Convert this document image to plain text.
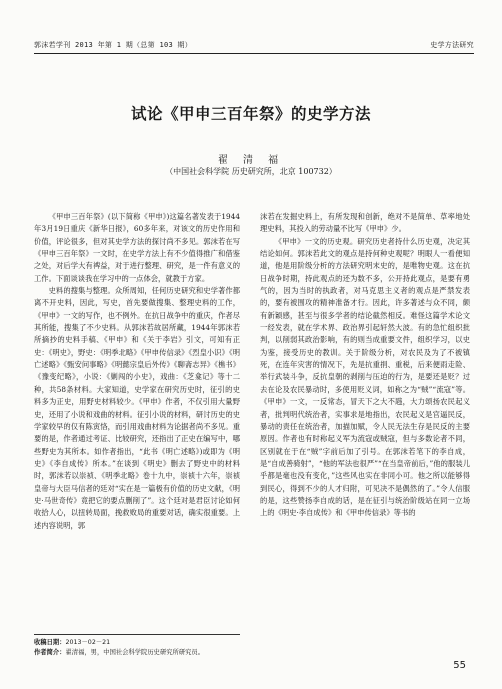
郭沫若学刊 2013 年第 1 期（总第 103 期）	史学方法研究
试论《甲申三百年祭》的史学方法
翟 清 福
（中国社会科学院 历史研究所，北京 100732）

《甲申三百年祭》(以下简称《甲申》)这篇名著发表于1944年3月19日重庆《新华日报》，60多年来，对该文的历史作用和价值，评论很多，但对其史学方法的探讨尚不多见。郭沫若在写《甲申三百年祭》一文时，在史学方法上有不少值得推广和借鉴之处，对后学大有裨益，对于进行整理、研究，是一件有意义的工作。下面谈谈我在学习中的一点体会，就教于方家。

史料的搜集与整理。众所周知，任何历史研究和史学著作都离不开史料，因此，写史，首先要做搜集、整理史料的工作，《甲申》一文的写作，也不例外。在抗日战争中的重庆，作者尽其所能，搜集了不少史料。从郭沫若故居所藏，1944年郭沫若所摘抄的史料手稿、《甲申》和《关于李岩》引文，可知有正史：《明史》，野史：《明季北略》《甲申传信录》《烈皇小识》《明亡述略》《甄安问事略》《明懿宗皇后外传》《聊斋志异》《樵书》《豫变纪略》，小说：《剿闯的小史》，戏曲：《芝龛记》等十二种，共58条材料。大家知道，史学家在研究历史时，征引的史料多为正史，用野史材料较少。《甲申》作者，不仅引用大量野史，还用了小说和戏曲的材料。征引小说的材料，研讨历史的史学家较早的仅有陈寅恪，而引用戏曲材料为论据者尚不多见。重要的是，作者通过考证、比较研究，还指出了正史在编写中，哪些野史为其所本。如作者指出，“此书《明亡述略》)或即为《明史》《李自成传》所本。”在谈到《明史》删去了野史中的材料时，郭沫若以崇祯、《明季北略》卷十九中，崇祯十六年，崇祯皇帝与大臣马信者的廷对“实在是一篇极有价值的历史文献，《明史·马世奇传》竟把它的要点删削了”。这个廷对是君臣讨论如何收拾人心，以扭转局面，挽救败局的重要对话，确实很重要。上述内容说明，郭

沫若在发掘史料上，有所发现和创新，绝对不是简单、草率地处理史料，其投入的劳动量不比写《甲申》少。

《甲申》一文的历史观。研究历史者持什么历史观，决定其结论如何。郭沫若此文的观点是持何种史观呢？明眼人一看便知道，他是用阶级分析的方法研究明末史的，是唯物史观。这在抗日战争时期，持此观点的还为数不多，公开持此观点，是要有勇气的，因为当时的执政者，对马克思主义者的观点是严禁发表的，要有被围攻的精神准备才行。因此，许多著述与众不同，颇有新颖感，甚至与很多学者的结论截然相反。难怪这篇学术论文一经发表，就在学术界、政治界引起轩然大波。有的急忙组织批判，以削弱其政治影响，有的则当成重要文件，组织学习，以史为鉴，接受历史的教训。关于阶级分析，对农民及为了不被镇死，在连年灾害的情况下，先是抗重捐、重税，后来便雨走险、举行武装斗争，反抗皇朝的剥削与压迫的行为，是要还是贬？过去在论及农民暴动时，多使用贬义词，如称之为“贼”“流寇”等。《甲申》一文，一反常态，冒天下之大不韪，大力颂扬农民起义者，批判明代统治者，实事求是地指出，农民起义是官逼民反，暴动的责任在统治者，加描加赋，令人民无法生存是民反的主要原因。作者也有时称起义军为流寇或贼寇，但与多数论者不同，区别就在于在“贼”字前后加了引号。在郭沫若笔下的李自成，是“自成善骑射”，“他的军法也很严”“在当皇帝前后，”他的服装儿乎都是毫也没有变化，”这些风也实在非同小可。他之所以能够得到民心，得到不少的人才归附，可见决不是偶然的了。”令人信服的是，这些赞扬李自成的话，是在征引与统治阶级站在同一立场上的《明史·李自成传》和《甲申传信录》等书的

收稿日期：2013－02－21
作者简介：翟清福，男，中国社会科学院历史研究所研究员。
55
